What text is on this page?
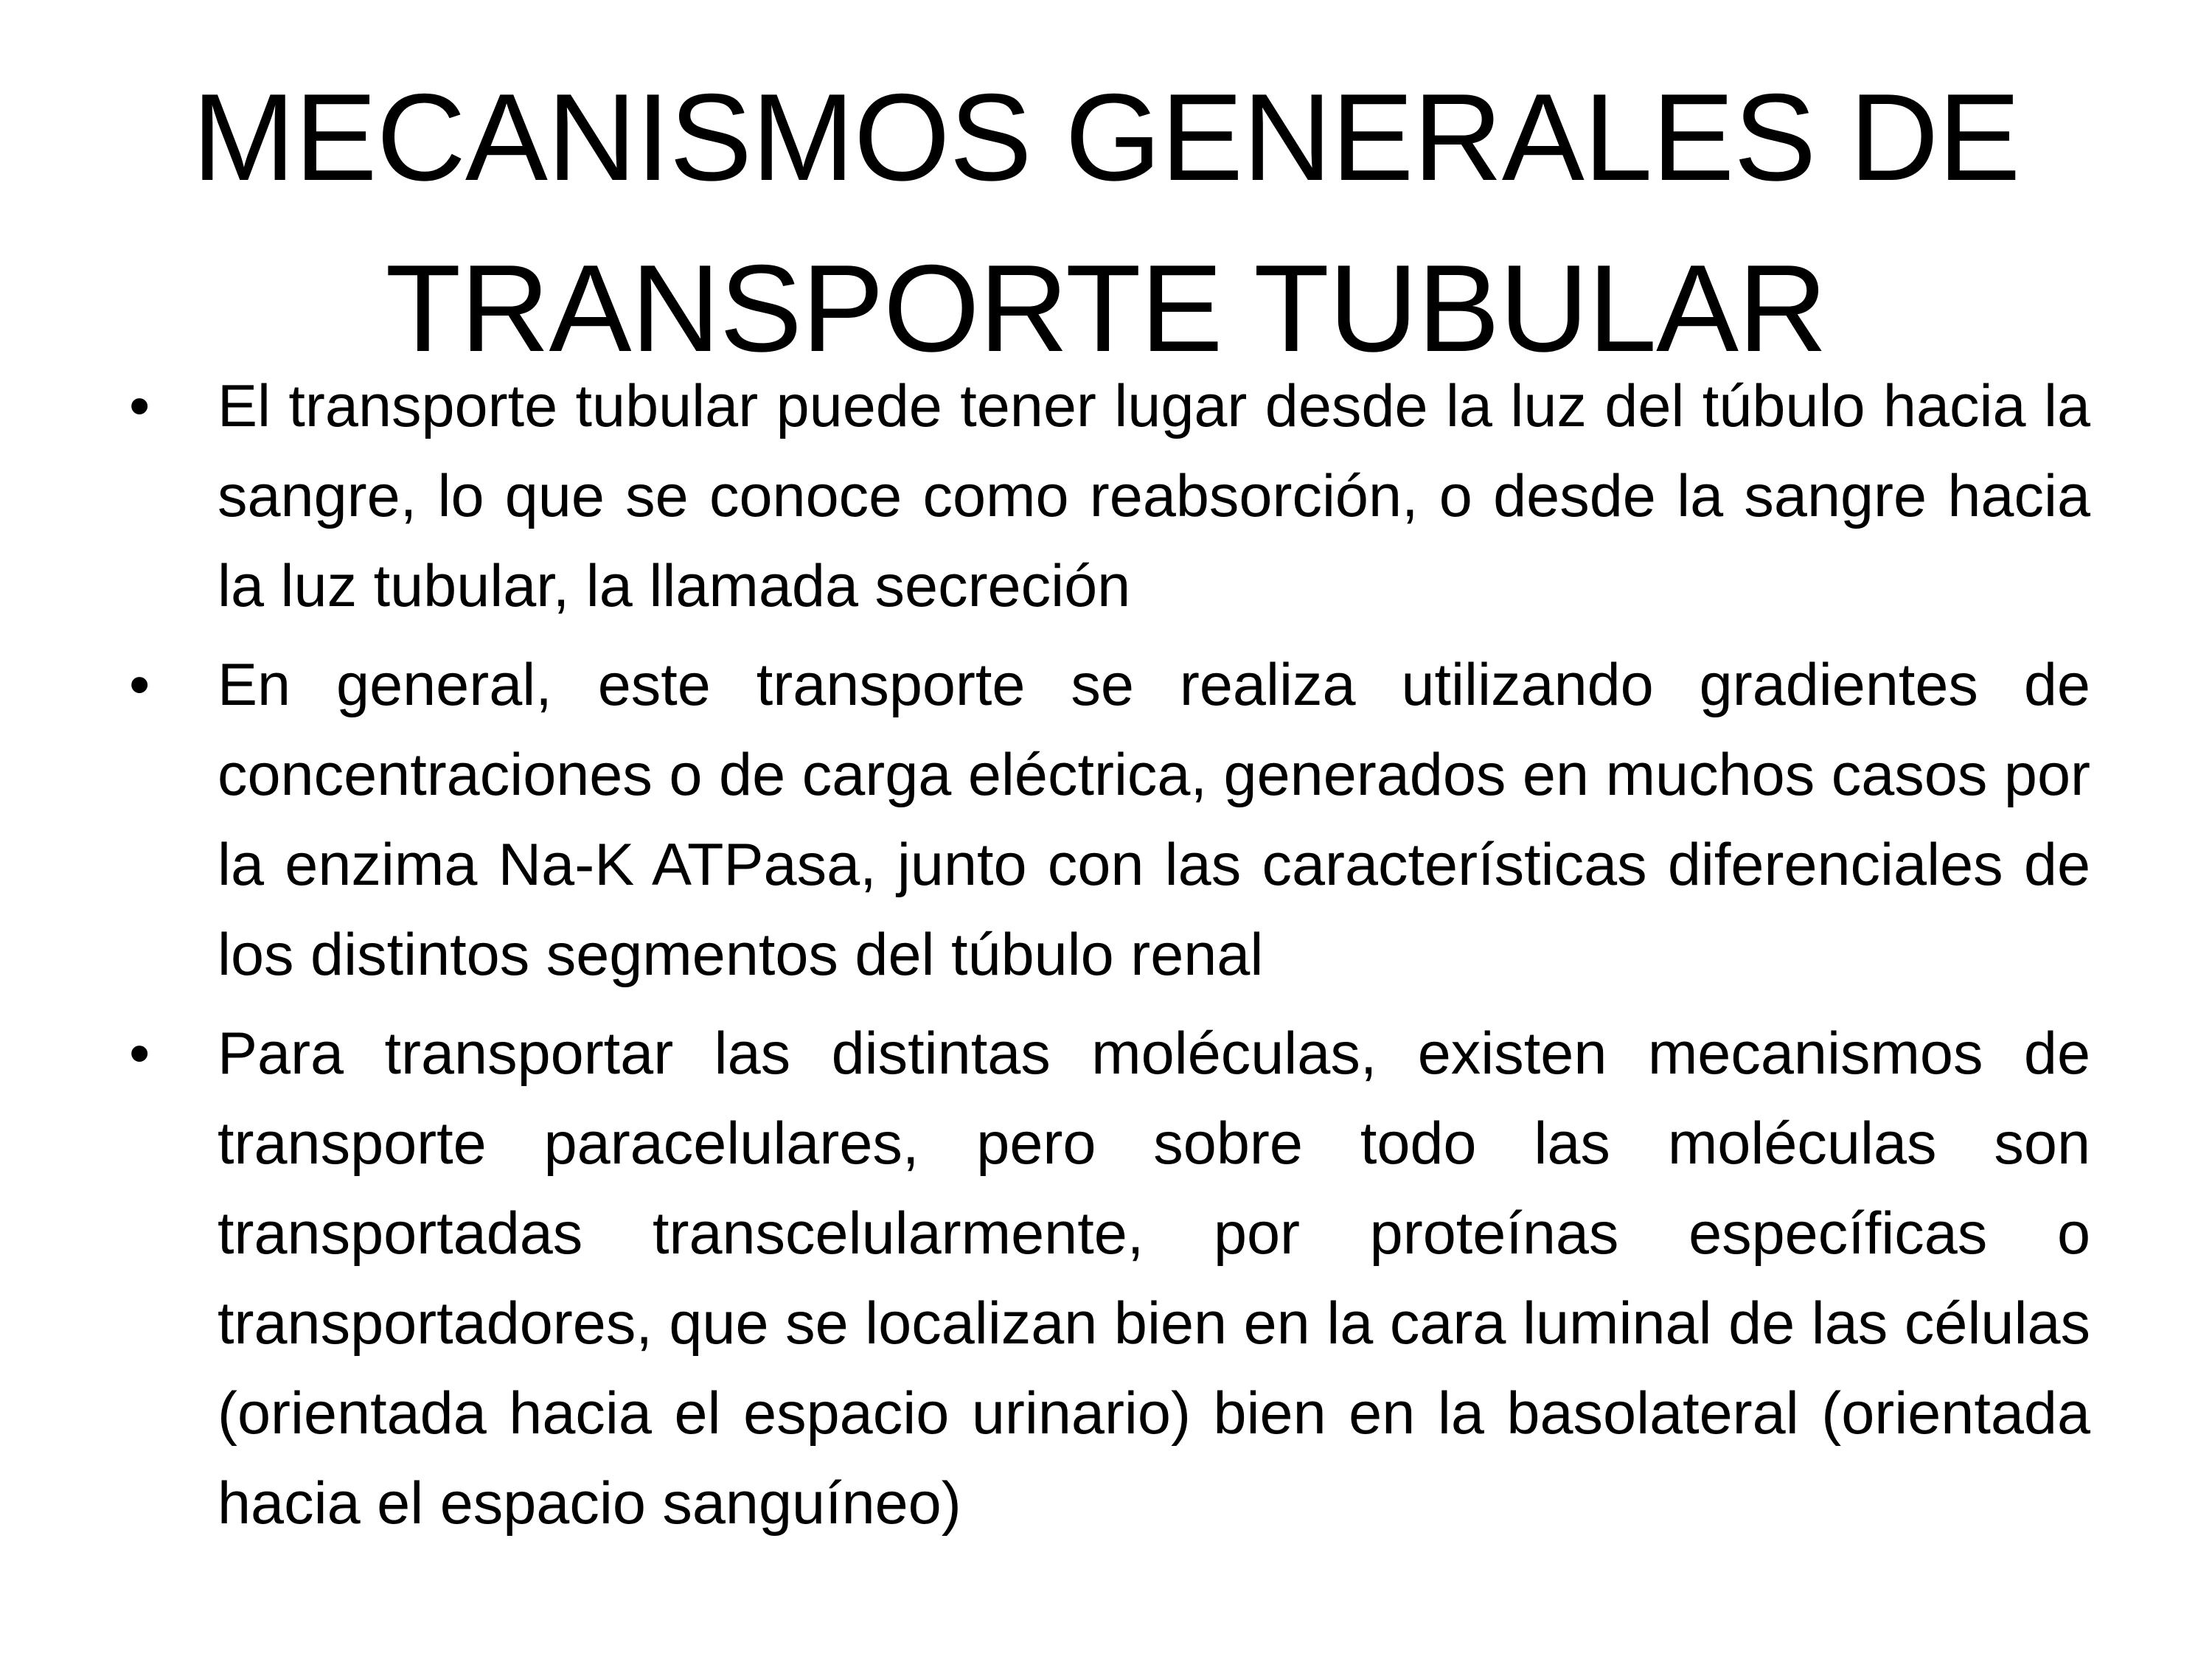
MECANISMOS GENERALES DE TRANSPORTE TUBULAR
•	El transporte tubular puede tener lugar desde la luz del túbulo hacia la sangre, lo que se conoce como reabsorción, o desde la sangre hacia la luz tubular, la llamada secreción
•	En general, este transporte se realiza utilizando gradientes de concentraciones o de carga eléctrica, generados en muchos casos por la enzima Na-K ATPasa, junto con las características diferenciales de los distintos segmentos del túbulo renal
•	Para transportar las distintas moléculas, existen mecanismos de transporte paracelulares, pero sobre todo las moléculas son transportadas transcelularmente, por proteínas específicas o transportadores, que se localizan bien en la cara luminal de las células (orientada hacia el espacio urinario) bien en la basolateral (orientada hacia el espacio sanguíneo)
